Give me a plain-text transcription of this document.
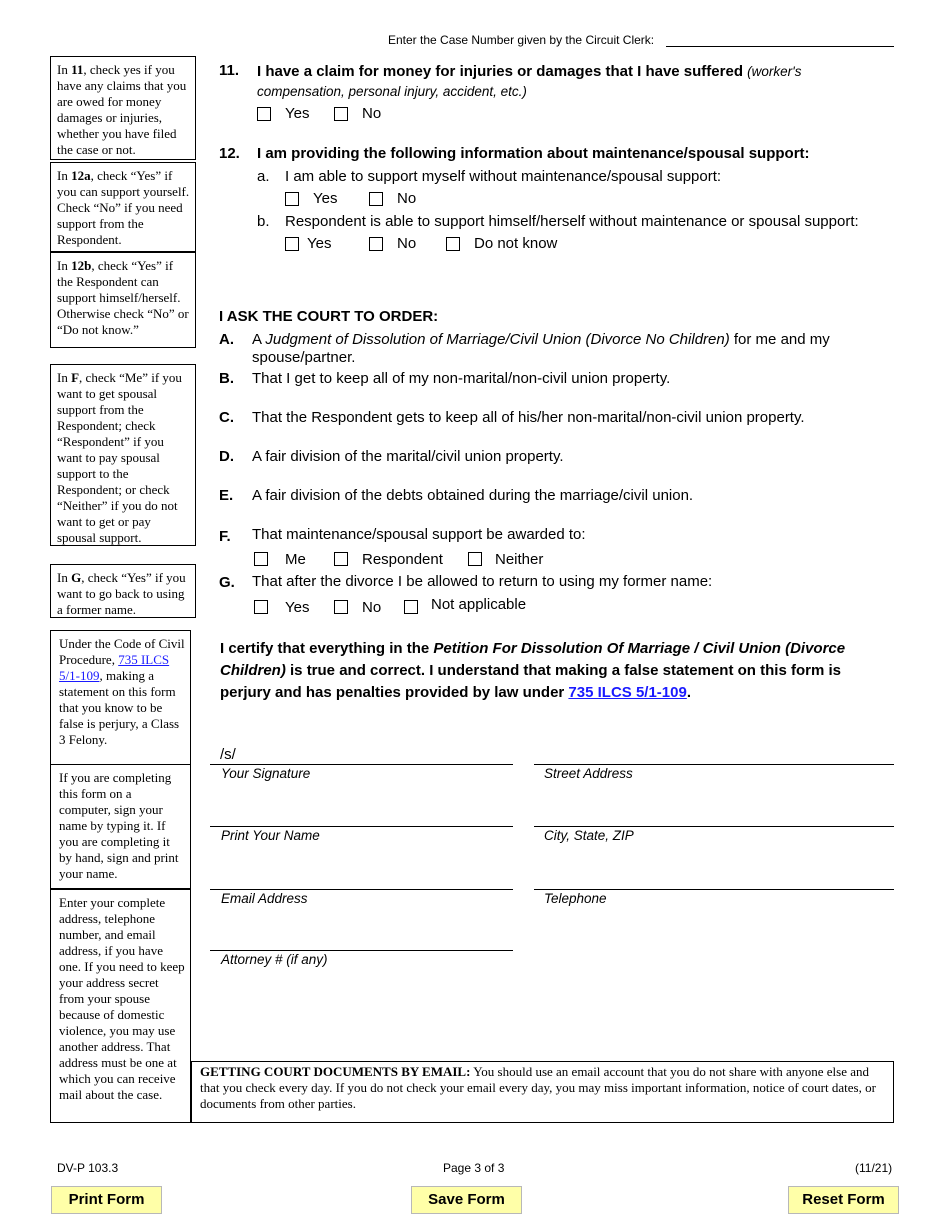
Enter the Case Number given by the Circuit Clerk:
In 11, check yes if you have any claims that you are owed for money damages or injuries, whether you have filed the case or not.
In 12a, check “Yes” if you can support yourself. Check “No” if you need support from the Respondent.
In 12b, check “Yes” if the Respondent can support himself/herself. Otherwise check “No” or “Do not know.”
In F, check “Me” if you want to get spousal support from the Respondent; check “Respondent” if you want to pay spousal support to the Respondent; or check “Neither” if you do not want to get or pay spousal support.
In G, check “Yes” if you want to go back to using a former name.
Under the Code of Civil Procedure, 735 ILCS 5/1-109, making a statement on this form that you know to be false is perjury, a Class 3 Felony.
If you are completing this form on a computer, sign your name by typing it. If you are completing it by hand, sign and print your name.
Enter your complete address, telephone number, and email address, if you have one. If you need to keep your address secret from your spouse because of domestic violence, you may use another address. That address must be one at which you can receive mail about the case.
11. I have a claim for money for injuries or damages that I have suffered (worker's compensation, personal injury, accident, etc.)
Yes	No
12. I am providing the following information about maintenance/spousal support:
a. I am able to support myself without maintenance/spousal support:
Yes	No
b. Respondent is able to support himself/herself without maintenance or spousal support:
Yes	No	Do not know
I ASK THE COURT TO ORDER:
A. A Judgment of Dissolution of Marriage/Civil Union (Divorce No Children) for me and my spouse/partner.
B. That I get to keep all of my non-marital/non-civil union property.
C. That the Respondent gets to keep all of his/her non-marital/non-civil union property.
D. A fair division of the marital/civil union property.
E. A fair division of the debts obtained during the marriage/civil union.
F. That maintenance/spousal support be awarded to:
Me	Respondent	Neither
G. That after the divorce I be allowed to return to using my former name:
Yes	No	Not applicable
I certify that everything in the Petition For Dissolution Of Marriage / Civil Union (Divorce Children) is true and correct. I understand that making a false statement on this form is perjury and has penalties provided by law under 735 ILCS 5/1-109.
/s/
Your Signature	Street Address
Print Your Name	City, State, ZIP
Email Address	Telephone
Attorney # (if any)
GETTING COURT DOCUMENTS BY EMAIL: You should use an email account that you do not share with anyone else and that you check every day. If you do not check your email every day, you may miss important information, notice of court dates, or documents from other parties.
DV-P 103.3	Page 3 of 3	(11/21)
Print Form	Save Form	Reset Form
